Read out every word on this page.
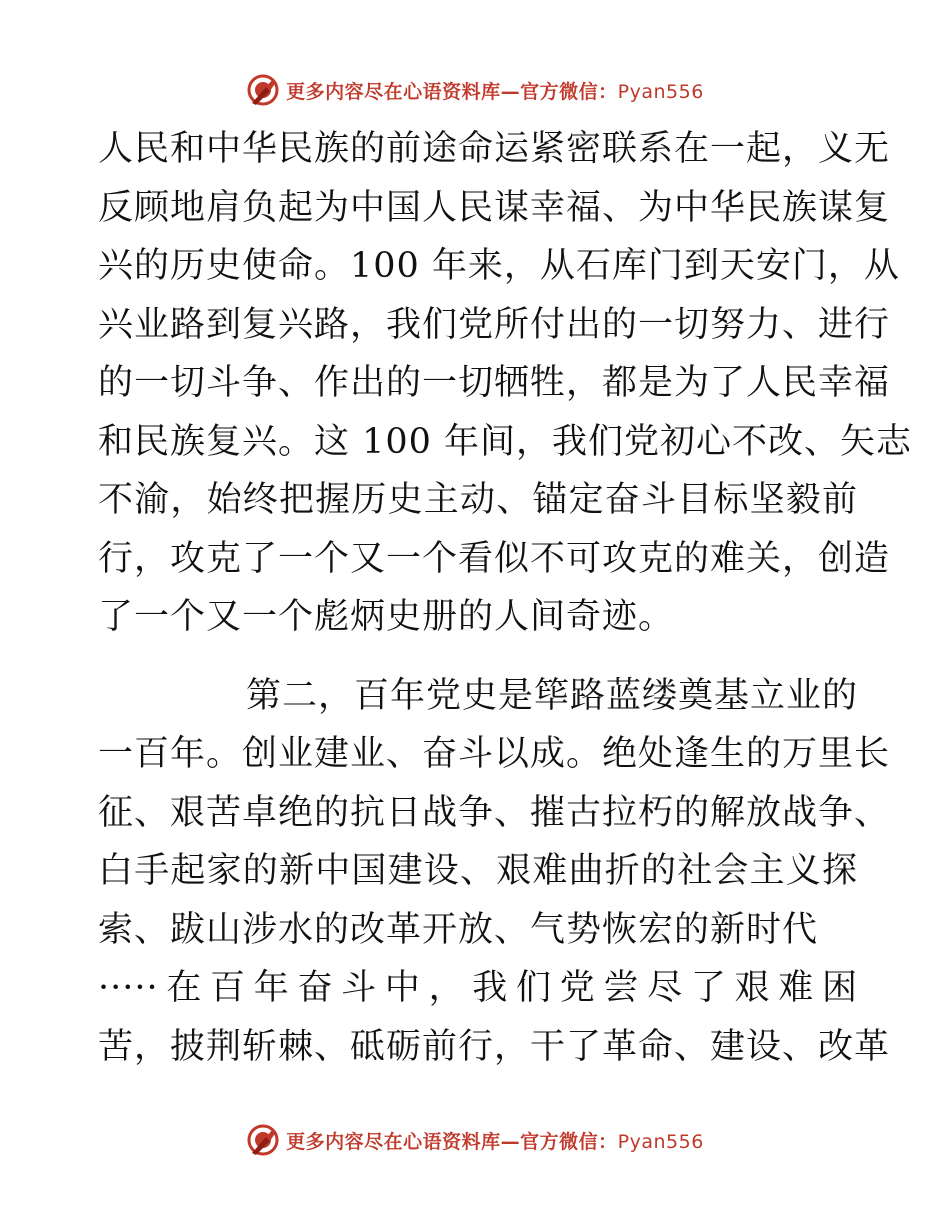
更多内容尽在心语资料库—官方微信：Pyan556
人民和中华民族的前途命运紧密联系在一起，义无
反顾地肩负起为中国人民谋幸福、为中华民族谋复
兴的历史使命。100 年来，从石库门到天安门，从
兴业路到复兴路，我们党所付出的一切努力、进行
的一切斗争、作出的一切牺牲，都是为了人民幸福
和民族复兴。这 100 年间，我们党初心不改、矢志
不渝，始终把握历史主动、锚定奋斗目标坚毅前
行，攻克了一个又一个看似不可攻克的难关，创造
了一个又一个彪炳史册的人间奇迹。
第二，百年党史是筚路蓝缕奠基立业的
一百年。创业建业、奋斗以成。绝处逢生的万里长
征、艰苦卓绝的抗日战争、摧古拉朽的解放战争、
白手起家的新中国建设、艰难曲折的社会主义探
索、跋山涉水的改革开放、气势恢宏的新时代
·····在百年奋斗中，我们党尝尽了艰难困
苦，披荆斩棘、砥砺前行，干了革命、建设、改革
更多内容尽在心语资料库—官方微信：Pyan556
